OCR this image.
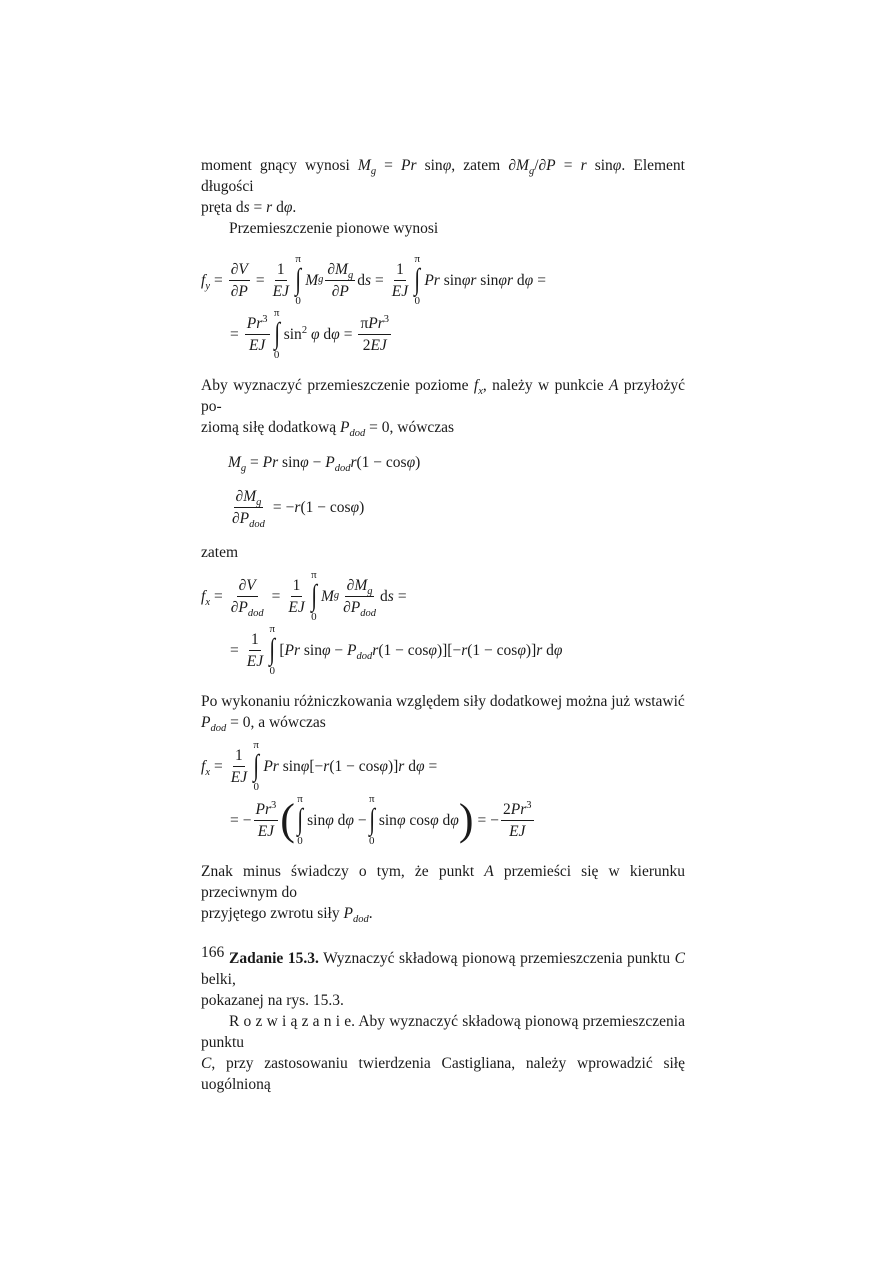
moment gnący wynosi $M_g = Pr$ sinφ, zatem $\partial M_g/\partial P = r$ sinφ. Element długości
pręta ds = r dφ.

Przemieszczenie pionowe wynosi

$f_y = \frac{\partial V}{\partial P} = \frac{1}{EJ}$
π
∫
0
M g $\frac{\partial M_g}{\partial P}$ d $s = \frac{1}{EJ}$
π
∫
0
Pr sinφr sinφr dφ =
= $\frac{Pr^3}{EJ}$
π
∫
0
$\sin^2 \varphi$ $d\varphi = \frac{\pi Pr^3}{2EJ}$

Aby wyznaczyć przemieszczenie poziome $f_x$, należy w punkcie A przyłożyć po-
ziomą siłę dodatkową $P_{dod} = 0$, wówczas

$M_g = Pr$ $\sin\varphi - P_{dod}r(1 - \cos\varphi)$
$\frac{\partial M_g}{\partial P_{dod}} = -r(1 - \cos\varphi)$

zatem

$f_x = \frac{\partial V}{\partial P_{dod}} = \frac{1}{EJ}$
π
∫
0
M g $\frac{\partial M_g}{\partial P_{dod}}$ d s =
= $\frac{1}{EJ}$
π
∫
0
[Pr $\sin\varphi - P_{dod}r(1 - \cos\varphi)][-r(1 - \cos\varphi)]r$ dφ

Po wykonaniu różniczkowania względem siły dodatkowej można już wstawić
$P_{dod} = 0$, a wówczas

$f_x = \frac{1}{EJ}$
π
∫
0
Pr sinφ[−r(1 − cosφ)]r dφ =
= − $\frac{Pr^3}{EJ}$ ( π
∫
0
sinφ dφ −
π
∫
0
sinφ cosφ dφ ) = − $\frac{2Pr^3}{EJ}$

Znak minus świadczy o tym, że punkt A przemieści się w kierunku przeciwnym do
przyjętego zwrotu siły $P_{dod}$.

Zadanie 15.3. Wyznaczyć składową pionową przemieszczenia punktu C belki,
pokazanej na rys. 15.3.

R o z w i ą z a n i e. Aby wyznaczyć składową pionową przemieszczenia punktu
C, przy zastosowaniu twierdzenia Castigliana, należy wprowadzić siłę uogólnioną

166
